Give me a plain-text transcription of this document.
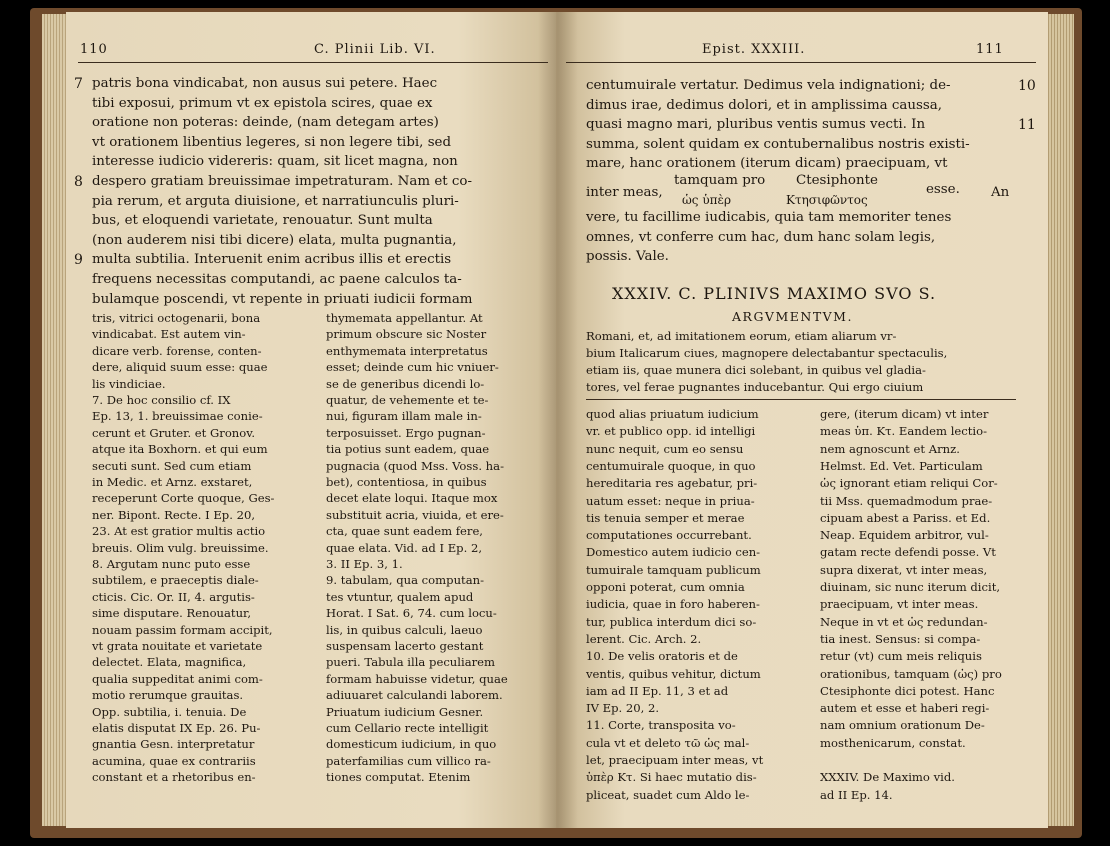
110	C. Plinii Lib. VI.
patris bona vindicabat, non ausus sui petere. Haec
tibi exposui, primum vt ex epistola scires, quae ex
oratione non poteras: deinde, (nam detegam artes)
vt orationem libentius legeres, si non legere tibi, sed
interesse iudicio videreris: quam, sit licet magna, non
despero gratiam breuissimae impetraturam. Nam et co-
pia rerum, et arguta diuisione, et narratiunculis pluri-
bus, et eloquendi varietate, renouatur. Sunt multa
(non auderem nisi tibi dicere) elata, multa pugnantia,
multa subtilia. Interuenit enim acribus illis et erectis
frequens necessitas computandi, ac paene calculos ta-
bulamque poscendi, vt repente in priuati iudicii formam
tris, vitrici octogenarii, bona
vindicabat. Est autem vin-
dicare verb. forense, conten-
dere, aliquid suum esse: quae
lis vindiciae.
7. De hoc consilio cf. IX
Ep. 13, 1. breuissimae conie-
cerunt et Gruter. et Gronov.
atque ita Boxhorn. et qui eum
secuti sunt. Sed cum etiam
in Medic. et Arnz. exstaret,
receperunt Corte quoque, Ges-
ner. Bipont. Recte. I Ep. 20,
23. At est gratior multis actio
breuis. Olim vulg. breuissime.
8. Argutam nunc puto esse
subtilem, e praeceptis diale-
cticis. Cic. Or. II, 4. argutis-
sime disputare. Renouatur,
nouam passim formam accipit,
vt grata nouitate et varietate
delectet. Elata, magnifica,
qualia suppeditat animi com-
motio rerumque grauitas.
Opp. subtilia, i. tenuia. De
elatis disputat IX Ep. 26. Pu-
gnantia Gesn. interpretatur
acumina, quae ex contrariis
constant et a rhetoribus en-
thymemata appellantur. At
primum obscure sic Noster
enthymemata interpretatus
esset; deinde cum hic vniuer-
se de generibus dicendi lo-
quatur, de vehemente et te-
nui, figuram illam male in-
terposuisset. Ergo pugnan-
tia potius sunt eadem, quae
pugnacia (quod Mss. Voss. ha-
bet), contentiosa, in quibus
decet elate loqui. Itaque mox
substituit acria, viuida, et ere-
cta, quae sunt eadem fere,
quae elata. Vid. ad I Ep. 2,
3. II Ep. 3, 1.
9. tabulam, qua computan-
tes vtuntur, qualem apud
Horat. I Sat. 6, 74. cum locu-
lis, in quibus calculi, laeuo
suspensam lacerto gestant
pueri. Tabula illa peculiarem
formam habuisse videtur, quae
adiuuaret calculandi laborem.
Priuatum iudicium Gesner.
cum Cellario recte intelligit
domesticum iudicium, in quo
paterfamilias cum villico ra-
tiones computat. Etenim
7
8
9
Epist. XXXIII.	111
centumuirale vertatur. Dedimus vela indignationi; de-
dimus irae, dedimus dolori, et in amplissima caussa,
quasi magno mari, pluribus ventis sumus vecti. In
summa, solent quidam ex contubernalibus nostris existi-
mare, hanc orationem (iterum dicam) praecipuam, vt
inter meas,
tamquam pro Ctesiphonte
ὡς ὑπὲρ	Κτησιφῶντος
esse. An
vere, tu facillime iudicabis, quia tam memoriter tenes
omnes, vt conferre cum hac, dum hanc solam legis,
possis. Vale.
XXXIV. C. PLINIVS MAXIMO SVO S.
ARGVMENTVM.
Romani, et, ad imitationem eorum, etiam aliarum vr-
bium Italicarum ciues, magnopere delectabantur spectaculis,
etiam iis, quae munera dici solebant, in quibus vel gladia-
tores, vel ferae pugnantes inducebantur. Qui ergo ciuium
quod alias priuatum iudicium
vr. et publico opp. id intelligi
nunc nequit, cum eo sensu
centumuirale quoque, in quo
hereditaria res agebatur, pri-
uatum esset: neque in priua-
tis tenuia semper et merae
computationes occurrebant.
Domestico autem iudicio cen-
tumuirale tamquam publicum
opponi poterat, cum omnia
iudicia, quae in foro haberen-
tur, publica interdum dici so-
lerent. Cic. Arch. 2.
10. De velis oratoris et de
ventis, quibus vehitur, dictum
iam ad II Ep. 11, 3 et ad
IV Ep. 20, 2.
11. Corte, transposita vo-
cula vt et deleto τῶ ὡς mal-
let, praecipuam inter meas, vt
ὑπὲρ Κτ. Si haec mutatio dis-
pliceat, suadet cum Aldo le-
gere, (iterum dicam) vt inter
meas ὑπ. Κτ. Eandem lectio-
nem agnoscunt et Arnz.
Helmst. Ed. Vet. Particulam
ὡς ignorant etiam reliqui Cor-
tii Mss. quemadmodum prae-
cipuam abest a Pariss. et Ed.
Neap. Equidem arbitror, vul-
gatam recte defendi posse. Vt
supra dixerat, vt inter meas,
diuinam, sic nunc iterum dicit,
praecipuam, vt inter meas.
Neque in vt et ὡς redundan-
tia inest. Sensus: si compa-
retur (vt) cum meis reliquis
orationibus, tamquam (ὡς) pro
Ctesiphonte dici potest. Hanc
autem et esse et haberi regi-
nam omnium orationum De-
mosthenicarum, constat.
XXXIV. De Maximo vid.
ad II Ep. 14.
10
11
